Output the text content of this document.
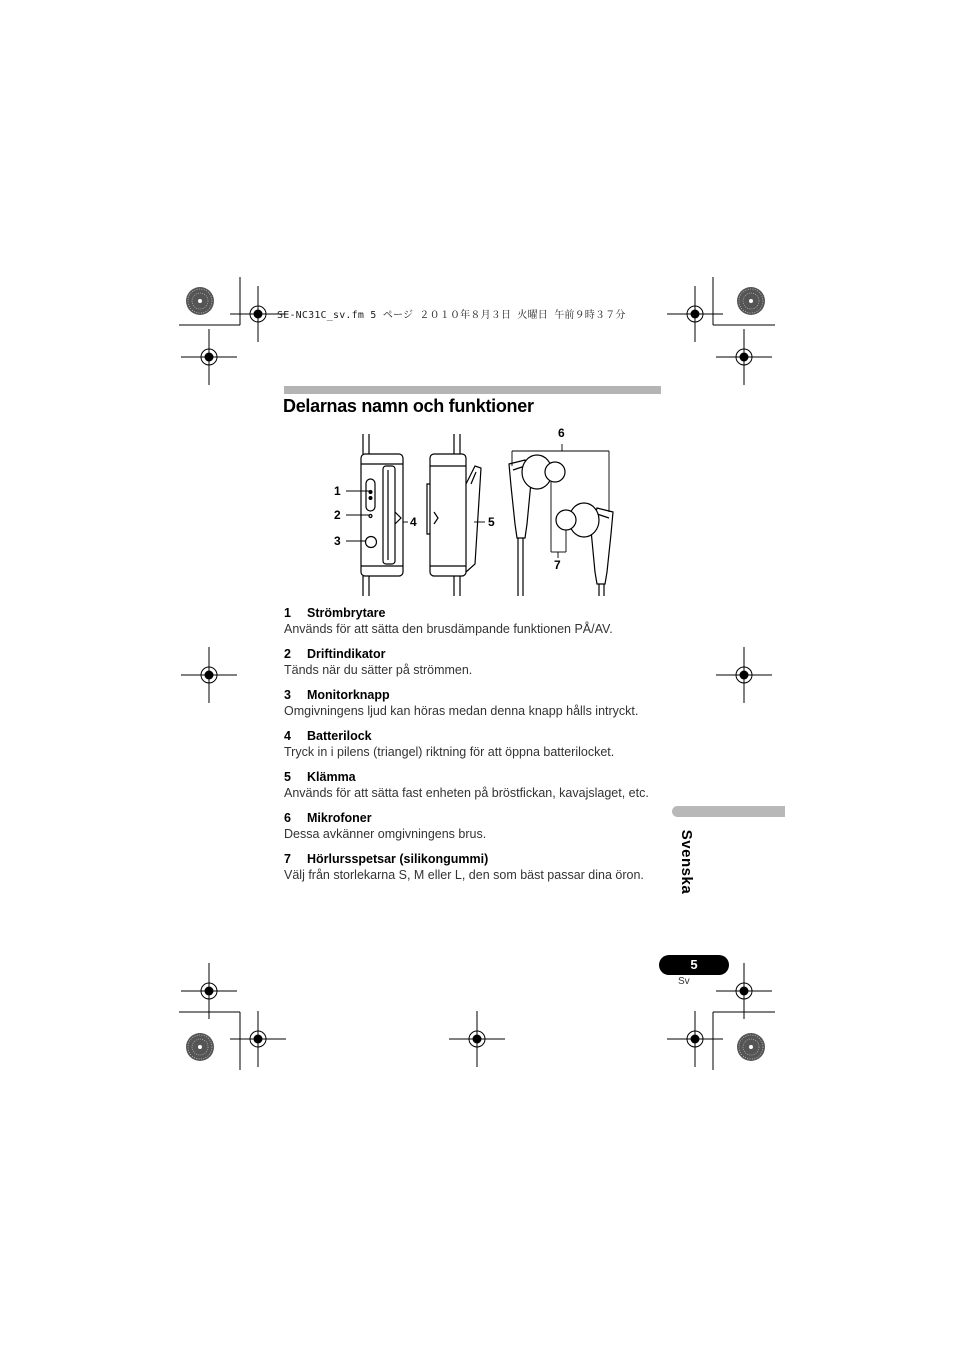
SE-NC31C_sv.fm 5 ページ ２０１０年８月３日 火曜日 午前９時３７分
Delarnas namn och funktioner
1
2
3
4	5
6
7
1 Strömbrytare
Används för att sätta den brusdämpande funktionen PÅ/AV.
2 Driftindikator
Tänds när du sätter på strömmen.
3 Monitorknapp
Omgivningens ljud kan höras medan denna knapp hålls intryckt.
4 Batterilock
Tryck in i pilens (triangel) riktning för att öppna batterilocket.
5 Klämma
Används för att sätta fast enheten på bröstfickan, kavajslaget, etc.
6 Mikrofoner
Dessa avkänner omgivningens brus.
7 Hörlursspetsar (silikongummi)
Välj från storlekarna S, M eller L, den som bäst passar dina öron.	Svenska
5
Sv
